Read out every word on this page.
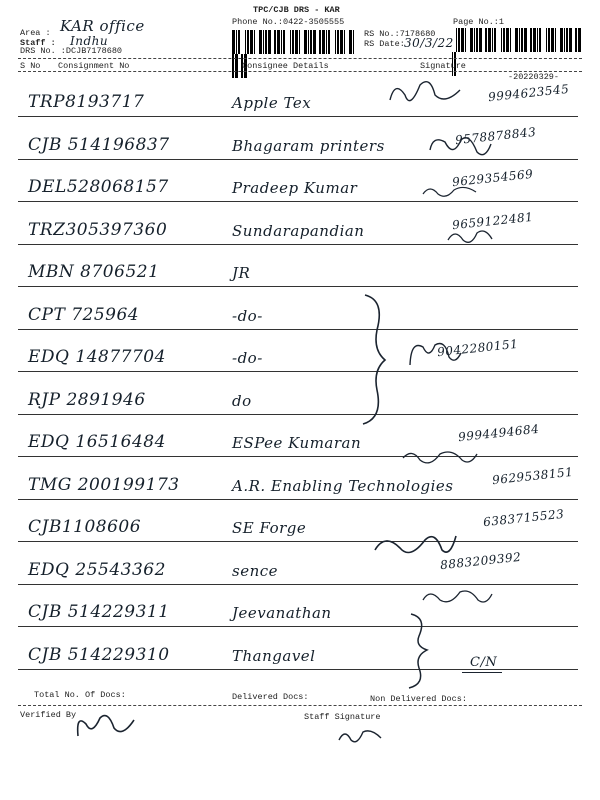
TPC/CJB DRS - KAR
Phone No.:0422-3505555	Page No.:1
Area : KAR office
Staff : Indhu
DRS No. :DCJB7178680
RS No.:7178680
RS Date: 30/3/22
S No Consignment No	Consignee Details	Signature
-20220329-
TRP8193717	Apple Tex	9994623545
CJB 514196837	Bhagaram printers	9578878843
DEL528068157	Pradeep Kumar	9629354569
TRZ305397360	Sundarapandian	9659122481
MBN 8706521	JR
CPT 725964	-do-
EDQ 14877704	-do-	9042280151
RJP 2891946	do
EDQ 16516484	ESPee Kumaran	9994494684
TMG 200199173	A.R. Enabling Technologies	9629538151
CJB1108606	SE Forge	6383715523
EDQ 25543362	sence	8883209392
CJB 514229311	Jeevanathan
CJB 514229310	Thangavel	C/N
Total No. Of Docs:	Delivered Docs:	Non Delivered Docs:
Verified By	Staff Signature
